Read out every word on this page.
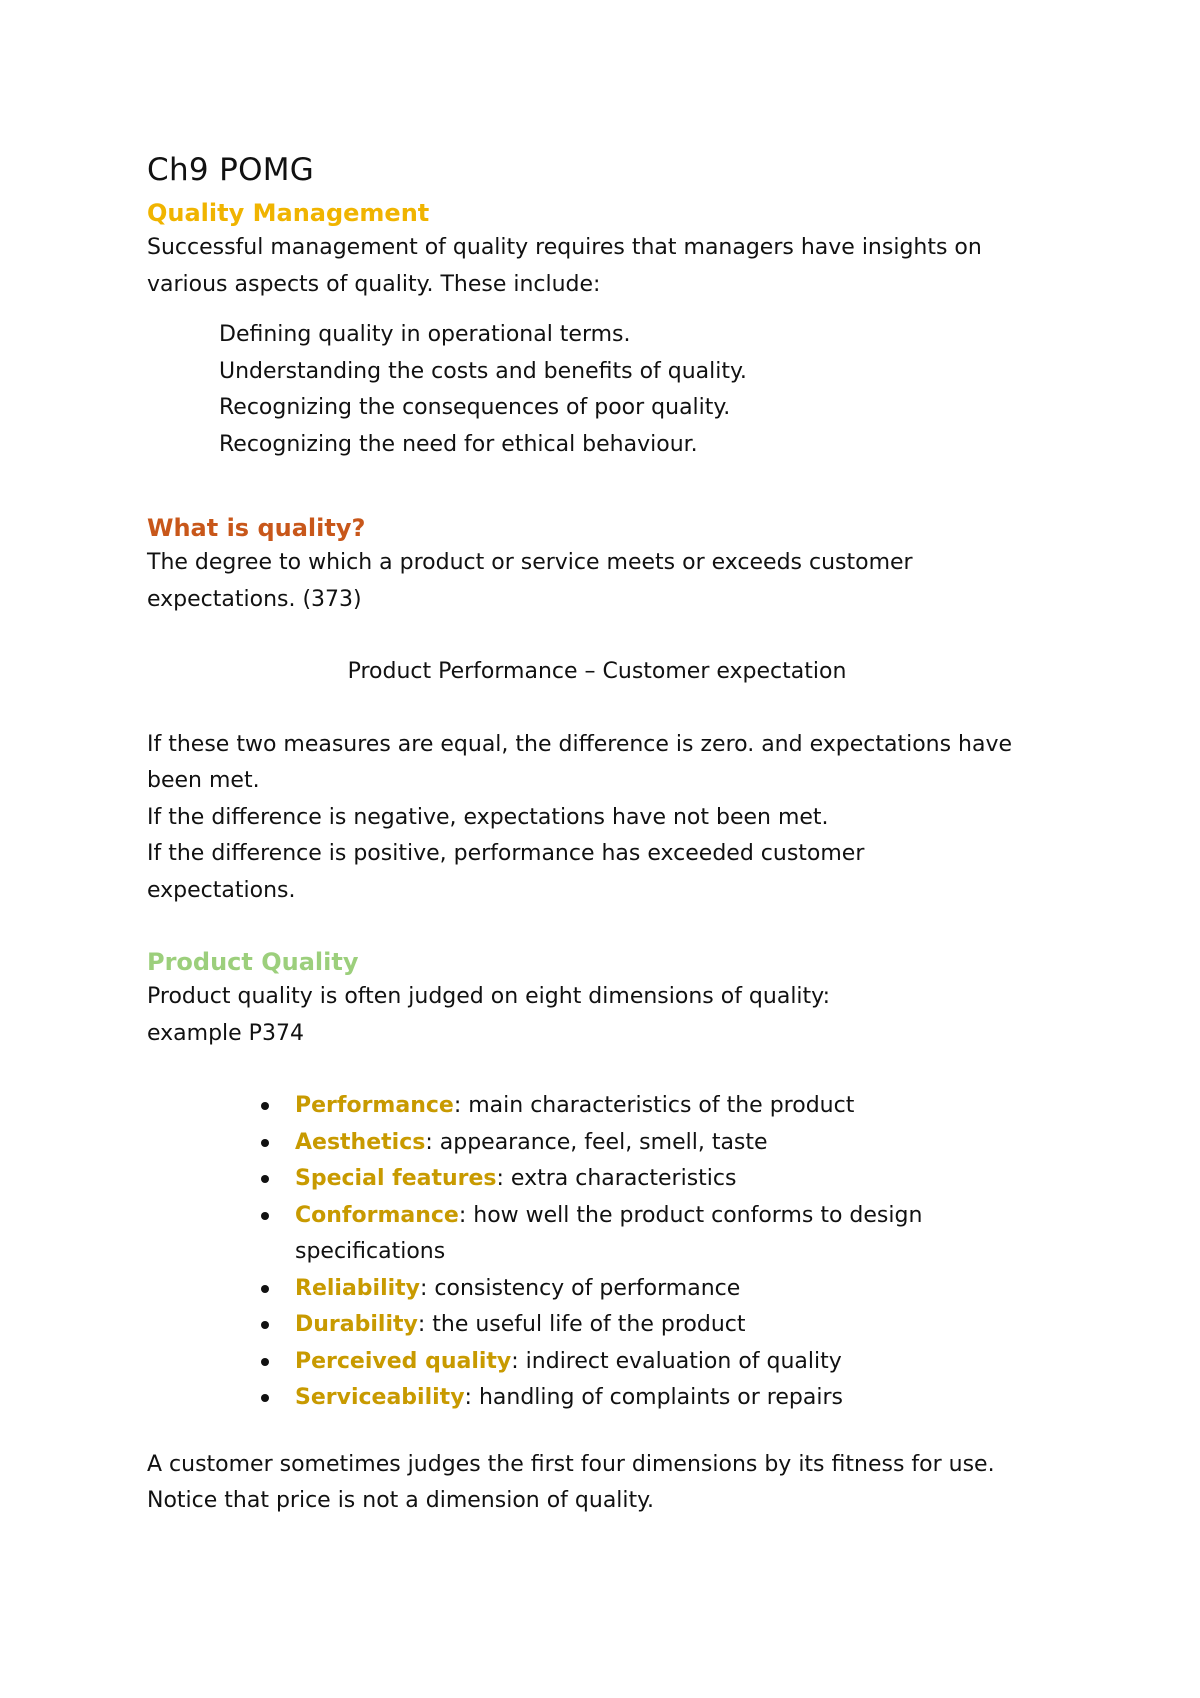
Ch9 POMG
Quality Management

Successful management of quality requires that managers have insights on

various aspects of quality. These include:

Defining quality in operational terms.
Understanding the costs and benefits of quality.
Recognizing the consequences of poor quality.
Recognizing the need for ethical behaviour.
What is quality?

The degree to which a product or service meets or exceeds customer

expectations. (373)

Product Performance – Customer expectation

If these two measures are equal, the difference is zero. and expectations have

been met.

If the difference is negative, expectations have not been met.

If the difference is positive, performance has exceeded customer

expectations.

Product Quality

Product quality is often judged on eight dimensions of quality:

example P374

Performance: main characteristics of the product
Aesthetics: appearance, feel, smell, taste
Special features: extra characteristics
Conformance: how well the product conforms to design
specifications
Reliability: consistency of performance
Durability: the useful life of the product
Perceived quality: indirect evaluation of quality
Serviceability: handling of complaints or repairs

A customer sometimes judges the first four dimensions by its fitness for use.

Notice that price is not a dimension of quality.
